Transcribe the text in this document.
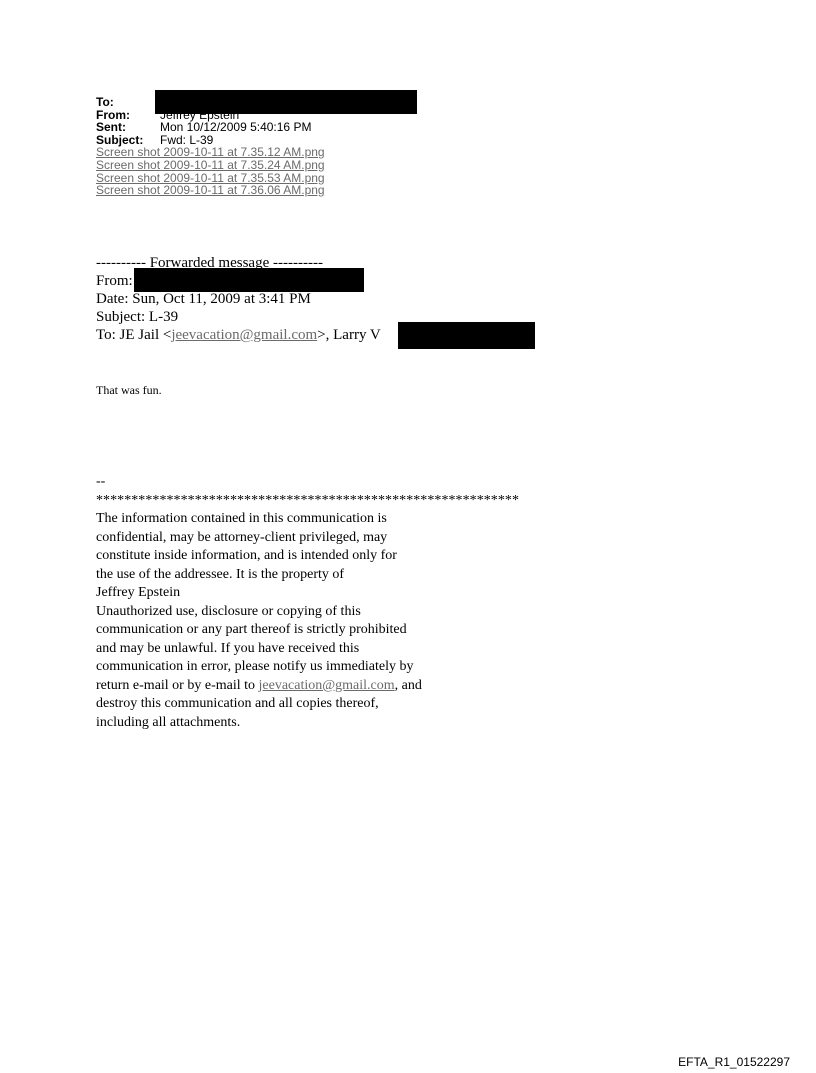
To:
From:	Jeffrey Epstein
Sent:	Mon 10/12/2009 5:40:16 PM
Subject: Fwd: L-39
Screen shot 2009-10-11 at 7.35.12 AM.png
Screen shot 2009-10-11 at 7.35.24 AM.png
Screen shot 2009-10-11 at 7.35.53 AM.png
Screen shot 2009-10-11 at 7.36.06 AM.png
---------- Forwarded message ----------
From:
Date: Sun, Oct 11, 2009 at 3:41 PM
Subject: L-39
To: JE Jail <jeevacation@gmail.com>, Larry V
That was fun.
--
************************************************************
The information contained in this communication is
confidential, may be attorney-client privileged, may
constitute inside information, and is intended only for
the use of the addressee. It is the property of
Jeffrey Epstein
Unauthorized use, disclosure or copying of this
communication or any part thereof is strictly prohibited
and may be unlawful. If you have received this
communication in error, please notify us immediately by
return e-mail or by e-mail to jeevacation@gmail.com, and
destroy this communication and all copies thereof,
including all attachments.
EFTA_R1_01522297
